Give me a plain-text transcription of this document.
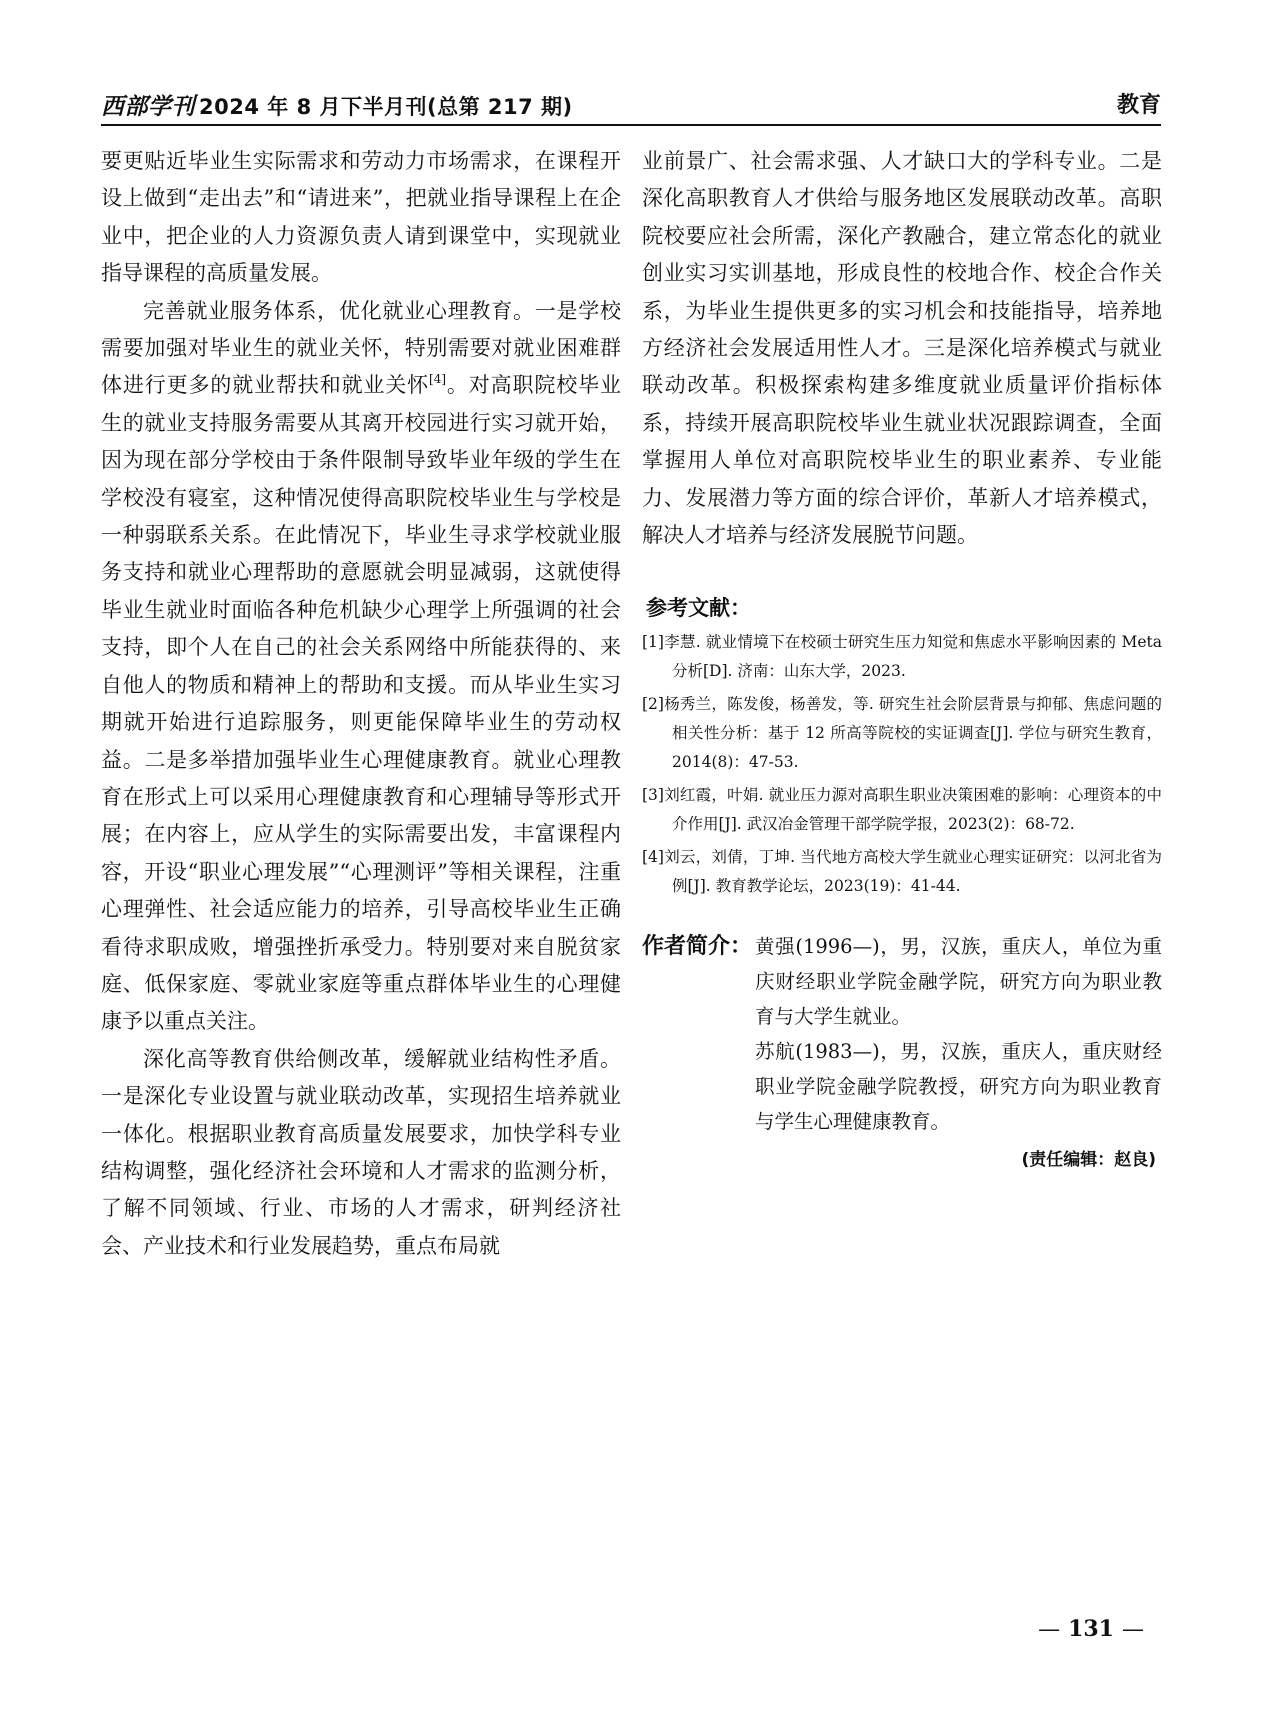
西部学刊 2024 年 8 月下半月刊(总第 217 期)	教育

要更贴近毕业生实际需求和劳动力市场需求，在课程开设上做到“走出去”和“请进来”，把就业指导课程上在企业中，把企业的人力资源负责人请到课堂中，实现就业指导课程的高质量发展。

完善就业服务体系，优化就业心理教育。一是学校需要加强对毕业生的就业关怀，特别需要对就业困难群体进行更多的就业帮扶和就业关怀[4]。对高职院校毕业生的就业支持服务需要从其离开校园进行实习就开始，因为现在部分学校由于条件限制导致毕业年级的学生在学校没有寝室，这种情况使得高职院校毕业生与学校是一种弱联系关系。在此情况下，毕业生寻求学校就业服务支持和就业心理帮助的意愿就会明显减弱，这就使得毕业生就业时面临各种危机缺少心理学上所强调的社会支持，即个人在自己的社会关系网络中所能获得的、来自他人的物质和精神上的帮助和支援。而从毕业生实习期就开始进行追踪服务，则更能保障毕业生的劳动权益。二是多举措加强毕业生心理健康教育。就业心理教育在形式上可以采用心理健康教育和心理辅导等形式开展；在内容上，应从学生的实际需要出发，丰富课程内容，开设“职业心理发展”“心理测评”等相关课程，注重心理弹性、社会适应能力的培养，引导高校毕业生正确看待求职成败，增强挫折承受力。特别要对来自脱贫家庭、低保家庭、零就业家庭等重点群体毕业生的心理健康予以重点关注。

深化高等教育供给侧改革，缓解就业结构性矛盾。一是深化专业设置与就业联动改革，实现招生培养就业一体化。根据职业教育高质量发展要求，加快学科专业结构调整，强化经济社会环境和人才需求的监测分析，了解不同领域、行业、市场的人才需求，研判经济社会、产业技术和行业发展趋势，重点布局就

业前景广、社会需求强、人才缺口大的学科专业。二是深化高职教育人才供给与服务地区发展联动改革。高职院校要应社会所需，深化产教融合，建立常态化的就业创业实习实训基地，形成良性的校地合作、校企合作关系，为毕业生提供更多的实习机会和技能指导，培养地方经济社会发展适用性人才。三是深化培养模式与就业联动改革。积极探索构建多维度就业质量评价指标体系，持续开展高职院校毕业生就业状况跟踪调查，全面掌握用人单位对高职院校毕业生的职业素养、专业能力、发展潜力等方面的综合评价，革新人才培养模式，解决人才培养与经济发展脱节问题。

参考文献：

[1]李慧. 就业情境下在校硕士研究生压力知觉和焦虑水平影响因素的 Meta 分析[D]. 济南：山东大学，2023.

[2]杨秀兰，陈发俊，杨善发，等. 研究生社会阶层背景与抑郁、焦虑问题的相关性分析：基于 12 所高等院校的实证调查[J]. 学位与研究生教育，2014(8)：47-53.

[3]刘红霞，叶娟. 就业压力源对高职生职业决策困难的影响：心理资本的中介作用[J]. 武汉冶金管理干部学院学报，2023(2)：68-72.

[4]刘云，刘倩，丁坤. 当代地方高校大学生就业心理实证研究：以河北省为例[J]. 教育教学论坛，2023(19)：41-44.

作者简介： 黄强(1996—)，男，汉族，重庆人，单位为重庆财经职业学院金融学院，研究方向为职业教育与大学生就业。

苏航(1983—)，男，汉族，重庆人，重庆财经职业学院金融学院教授，研究方向为职业教育与学生心理健康教育。

(责任编辑：赵良)
— 131 —
